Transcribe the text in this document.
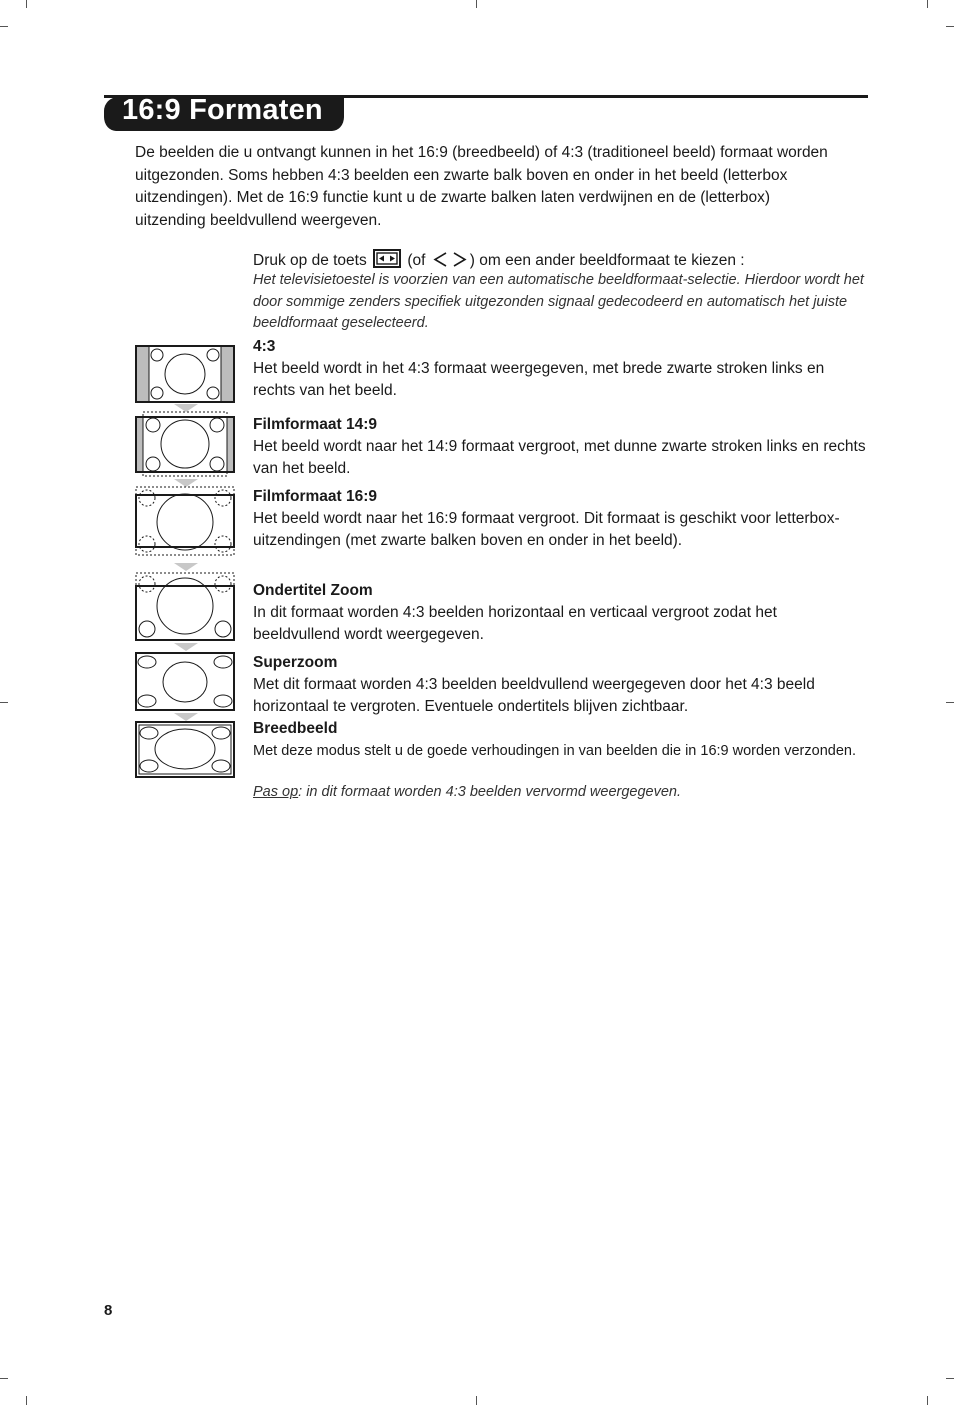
16:9 Formaten
De beelden die u ontvangt kunnen in het 16:9 (breedbeeld) of 4:3 (traditioneel beeld) formaat worden uitgezonden. Soms hebben 4:3 beelden een zwarte balk boven en onder in het beeld (letterbox uitzendingen). Met de 16:9 functie kunt u de zwarte balken laten verdwijnen en de (letterbox) uitzending beeldvullend weergeven.
Druk op de toets	(of	) om een ander beeldformaat te kiezen :
Het televisietoestel is voorzien van een automatische beeldformaat-selectie. Hierdoor wordt het door sommige zenders specifiek uitgezonden signaal gedecodeerd en automatisch het juiste beeldformaat geselecteerd.
4:3
Het beeld wordt in het 4:3 formaat weergegeven, met brede zwarte stroken links en rechts van het beeld.
Filmformaat 14:9
Het beeld wordt naar het 14:9 formaat vergroot, met dunne zwarte stroken links en rechts van het beeld.
Filmformaat 16:9
Het beeld wordt naar het 16:9 formaat vergroot. Dit formaat is geschikt voor letterbox-uitzendingen (met zwarte balken boven en onder in het beeld).
Ondertitel Zoom
In dit formaat worden 4:3 beelden horizontaal en verticaal vergroot zodat het beeldvullend wordt weergegeven.
Superzoom
Met dit formaat worden 4:3 beelden beeldvullend weergegeven door het 4:3 beeld horizontaal te vergroten. Eventuele ondertitels blijven zichtbaar.
Breedbeeld
Met deze modus stelt u de goede verhoudingen in van beelden die in 16:9 worden verzonden.
Pas op: in dit formaat worden 4:3 beelden vervormd weergegeven.
8
